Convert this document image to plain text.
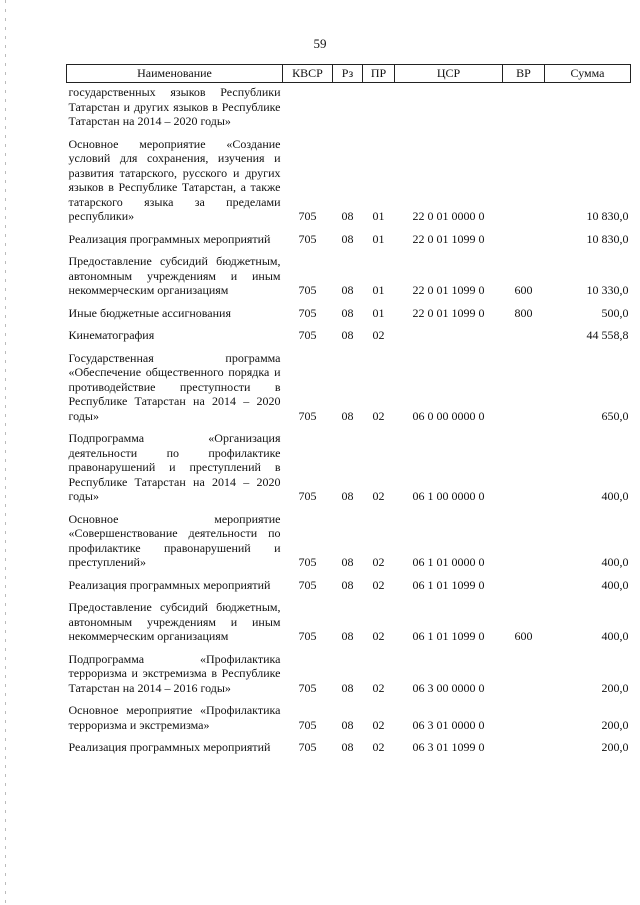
59
Наименование	КВСР	Рз	ПР	ЦСР	ВР	Сумма
государственных языков Республики Татарстан и других языков в Республике Татарстан на 2014 – 2020 годы»						
Основное мероприятие «Создание условий для сохранения, изучения и развития татарского, русского и других языков в Республике Татарстан, а также татарского языка за пределами республики»	705	08	01	22 0 01 0000 0		10 830,0
Реализация программных мероприятий	705	08	01	22 0 01 1099 0		10 830,0
Предоставление субсидий бюджетным, автономным учреждениям и иным некоммерческим организациям	705	08	01	22 0 01 1099 0	600	10 330,0
Иные бюджетные ассигнования	705	08	01	22 0 01 1099 0	800	500,0
Кинематография	705	08	02			44 558,8
Государственная программа «Обеспечение общественного порядка и противодействие преступности в Республике Татарстан на 2014 – 2020 годы»	705	08	02	06 0 00 0000 0		650,0
Подпрограмма «Организация деятельности по профилактике правонарушений и преступлений в Республике Татарстан на 2014 – 2020 годы»	705	08	02	06 1 00 0000 0		400,0
Основное мероприятие «Совершенствование деятельности по профилактике правонарушений и преступлений»	705	08	02	06 1 01 0000 0		400,0
Реализация программных мероприятий	705	08	02	06 1 01 1099 0		400,0
Предоставление субсидий бюджетным, автономным учреждениям и иным некоммерческим организациям	705	08	02	06 1 01 1099 0	600	400,0
Подпрограмма «Профилактика терроризма и экстремизма в Республике Татарстан на 2014 – 2016 годы»	705	08	02	06 3 00 0000 0		200,0
Основное мероприятие «Профилактика терроризма и экстремизма»	705	08	02	06 3 01 0000 0		200,0
Реализация программных мероприятий	705	08	02	06 3 01 1099 0		200,0
